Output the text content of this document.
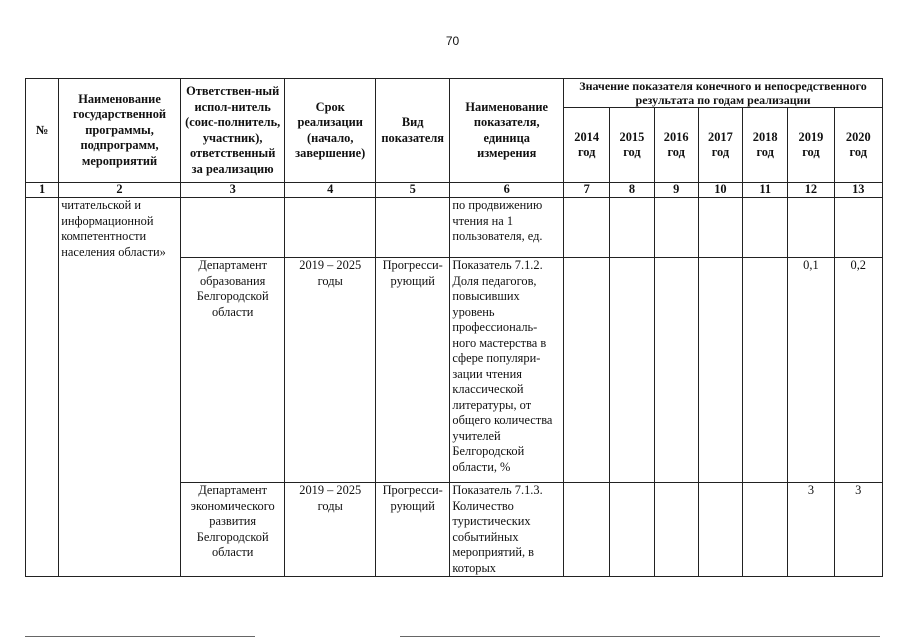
70
№	Наименование государственной программы, подпрограмм, мероприятий	Ответствен-ный испол-нитель (соис-полнитель, участник), ответственный за реализацию	Срок реализации (начало, завершение)	Вид показателя	Наименование показателя, единица измерения	Значение показателя конечного и непосредственного результата по годам реализации						
						2014 год	2015 год	2016 год	2017 год	2018 год	2019 год	2020 год
1	2	3	4	5	6	7	8	9	10	11	12	13
	читательской и информационной компетентности населения области»				по продвижению чтения на 1 пользователя, ед.							
		Департамент образования Белгородской области	2019 – 2025 годы	Прогресси-рующий	Показатель 7.1.2. Доля педагогов, повысивших уровень профессиональ-ного мастерства в сфере популяри-зации чтения классической литературы, от общего количества учителей Белгородской области, %						0,1	0,2
		Департамент экономического развития Белгородской области	2019 – 2025 годы	Прогресси-рующий	Показатель 7.1.3. Количество туристических событийных мероприятий, в которых						3	3
